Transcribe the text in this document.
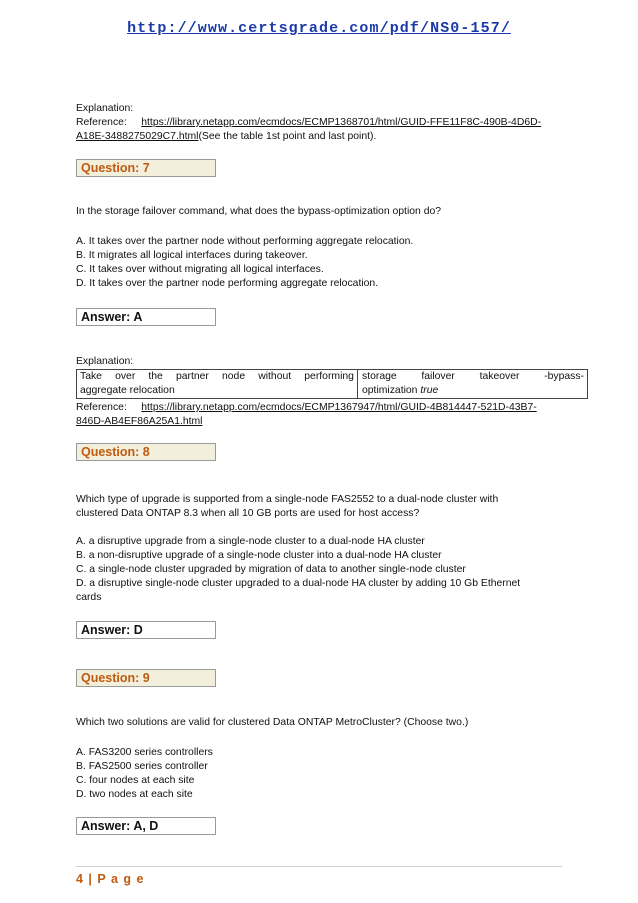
http://www.certsgrade.com/pdf/NS0-157/
Explanation:
Reference: https://library.netapp.com/ecmdocs/ECMP1368701/html/GUID-FFE11F8C-490B-4D6D-
A18E-3488275029C7.html(See the table 1st point and last point).
Question: 7
In the storage failover command, what does the bypass-optimization option do?
A. It takes over the partner node without performing aggregate relocation.
B. It migrates all logical interfaces during takeover.
C. It takes over without migrating all logical interfaces.
D. It takes over the partner node performing aggregate relocation.
Answer: A
Explanation:
Take over the partner node without performing
aggregate relocation
storage failover takeover -bypass-
optimization true
Reference: https://library.netapp.com/ecmdocs/ECMP1367947/html/GUID-4B814447-521D-43B7-
846D-AB4EF86A25A1.html
Question: 8
Which type of upgrade is supported from a single-node FAS2552 to a dual-node cluster with
clustered Data ONTAP 8.3 when all 10 GB ports are used for host access?
A. a disruptive upgrade from a single-node cluster to a dual-node HA cluster
B. a non-disruptive upgrade of a single-node cluster into a dual-node HA cluster
C. a single-node cluster upgraded by migration of data to another single-node cluster
D. a disruptive single-node cluster upgraded to a dual-node HA cluster by adding 10 Gb Ethernet
cards
Answer: D
Question: 9
Which two solutions are valid for clustered Data ONTAP MetroCluster? (Choose two.)
A. FAS3200 series controllers
B. FAS2500 series controller
C. four nodes at each site
D. two nodes at each site
Answer: A, D
4 | P a g e
